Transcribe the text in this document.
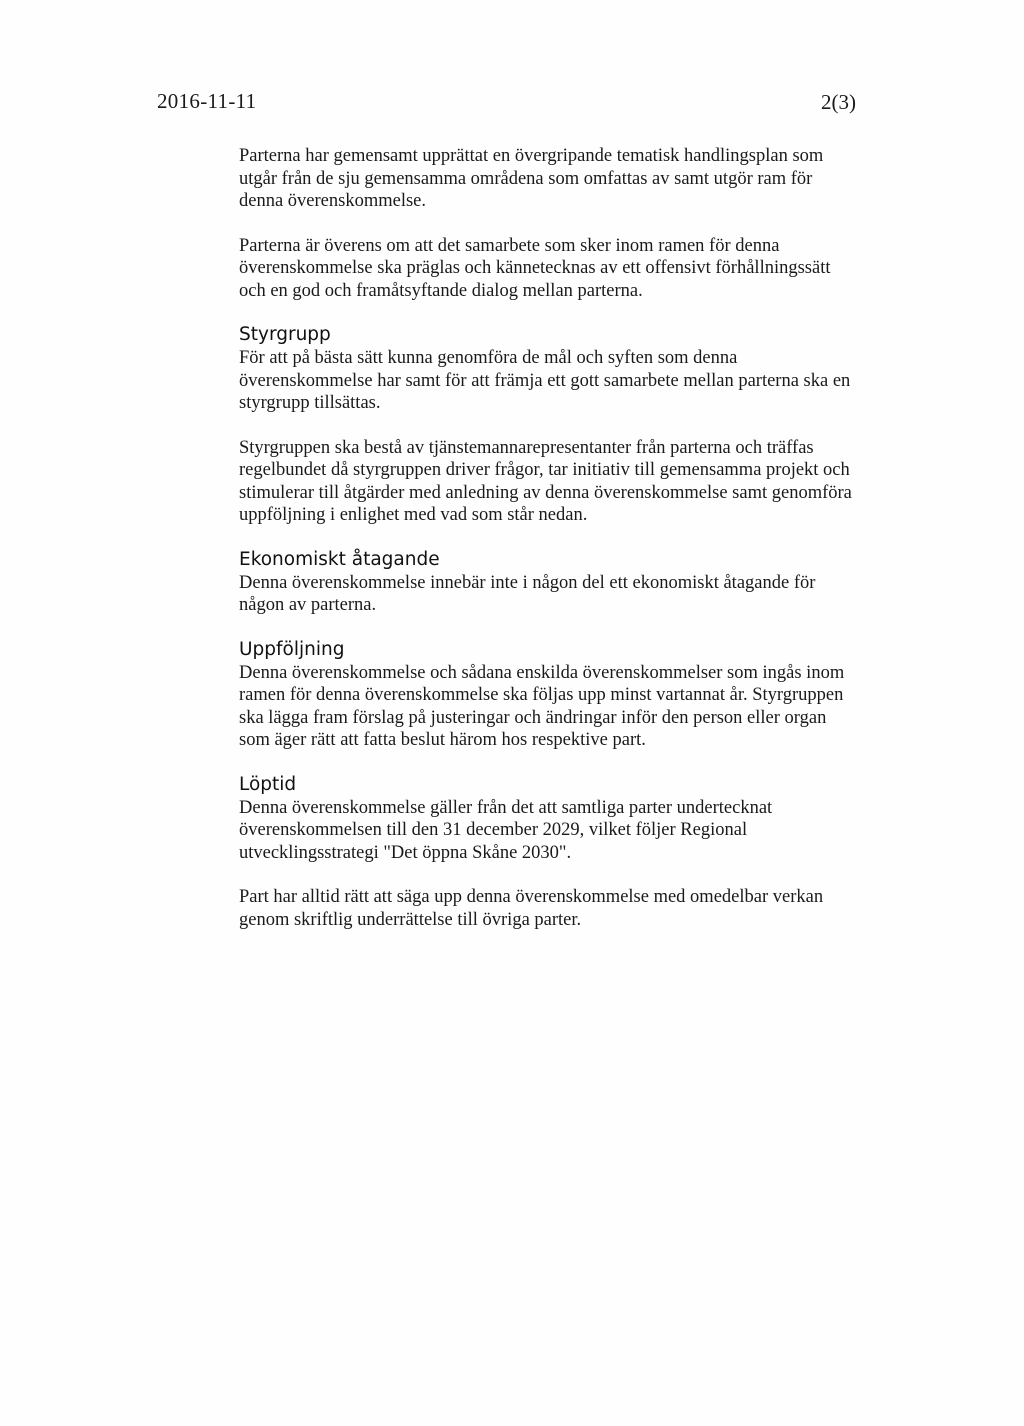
2016-11-11	2(3)

Parterna har gemensamt upprättat en övergripande tematisk handlingsplan som
utgår från de sju gemensamma områdena som omfattas av samt utgör ram för
denna överenskommelse.

Parterna är överens om att det samarbete som sker inom ramen för denna
överenskommelse ska präglas och kännetecknas av ett offensivt förhållningssätt
och en god och framåtsyftande dialog mellan parterna.

Styrgrupp

För att på bästa sätt kunna genomföra de mål och syften som denna
överenskommelse har samt för att främja ett gott samarbete mellan parterna ska en
styrgrupp tillsättas.

Styrgruppen ska bestå av tjänstemannarepresentanter från parterna och träffas
regelbundet då styrgruppen driver frågor, tar initiativ till gemensamma projekt och
stimulerar till åtgärder med anledning av denna överenskommelse samt genomföra
uppföljning i enlighet med vad som står nedan.

Ekonomiskt åtagande

Denna överenskommelse innebär inte i någon del ett ekonomiskt åtagande för
någon av parterna.

Uppföljning

Denna överenskommelse och sådana enskilda överenskommelser som ingås inom
ramen för denna överenskommelse ska följas upp minst vartannat år. Styrgruppen
ska lägga fram förslag på justeringar och ändringar inför den person eller organ
som äger rätt att fatta beslut härom hos respektive part.

Löptid

Denna överenskommelse gäller från det att samtliga parter undertecknat
överenskommelsen till den 31 december 2029, vilket följer Regional
utvecklingsstrategi "Det öppna Skåne 2030".

Part har alltid rätt att säga upp denna överenskommelse med omedelbar verkan
genom skriftlig underrättelse till övriga parter.
